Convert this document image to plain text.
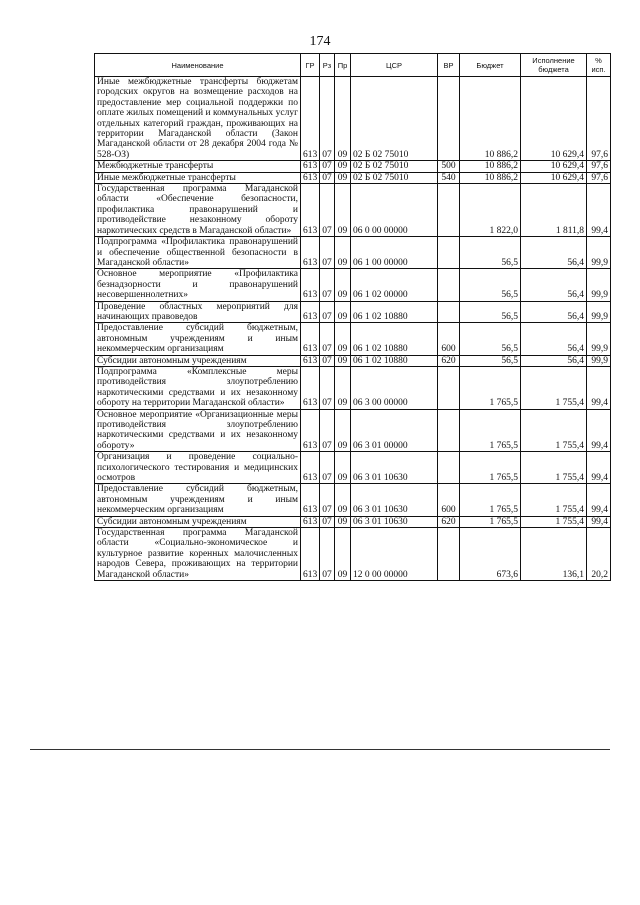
174
Наименование	ГР	Рз	Пр	ЦСР	ВР	Бюджет	Исполнение бюджета	% исп.
Иные межбюджетные трансферты бюджетам городских округов на возмещение расходов на предоставление мер социальной поддержки по оплате жилых помещений и коммунальных услуг отдельных категорий граждан, проживающих на территории Магаданской области (Закон Магаданской области от 28 декабря 2004 года № 528-ОЗ)	613	07	09	02 Б 02 75010		10 886,2	10 629,4	97,6
Межбюджетные трансферты	613	07	09	02 Б 02 75010	500	10 886,2	10 629,4	97,6
Иные межбюджетные трансферты	613	07	09	02 Б 02 75010	540	10 886,2	10 629,4	97,6
Государственная программа Магаданской области «Обеспечение безопасности, профилактика правонарушений и противодействие незаконному обороту наркотических средств в Магаданской области»	613	07	09	06 0 00 00000		1 822,0	1 811,8	99,4
Подпрограмма «Профилактика правонарушений и обеспечение общественной безопасности в Магаданской области»	613	07	09	06 1 00 00000		56,5	56,4	99,9
Основное мероприятие «Профилактика безнадзорности и правонарушений несовершеннолетних»	613	07	09	06 1 02 00000		56,5	56,4	99,9
Проведение областных мероприятий для начинающих правоведов	613	07	09	06 1 02 10880		56,5	56,4	99,9
Предоставление субсидий бюджетным, автономным учреждениям и иным некоммерческим организациям	613	07	09	06 1 02 10880	600	56,5	56,4	99,9
Субсидии автономным учреждениям	613	07	09	06 1 02 10880	620	56,5	56,4	99,9
Подпрограмма «Комплексные меры противодействия злоупотреблению наркотическими средствами и их незаконному обороту на территории Магаданской области»	613	07	09	06 3 00 00000		1 765,5	1 755,4	99,4
Основное мероприятие «Организационные меры противодействия злоупотреблению наркотическими средствами и их незаконному обороту»	613	07	09	06 3 01 00000		1 765,5	1 755,4	99,4
Организация и проведение социально-психологического тестирования и медицинских осмотров	613	07	09	06 3 01 10630		1 765,5	1 755,4	99,4
Предоставление субсидий бюджетным, автономным учреждениям и иным некоммерческим организациям	613	07	09	06 3 01 10630	600	1 765,5	1 755,4	99,4
Субсидии автономным учреждениям	613	07	09	06 3 01 10630	620	1 765,5	1 755,4	99,4
Государственная программа Магаданской области «Социально-экономическое и культурное развитие коренных малочисленных народов Севера, проживающих на территории Магаданской области»	613	07	09	12 0 00 00000		673,6	136,1	20,2
